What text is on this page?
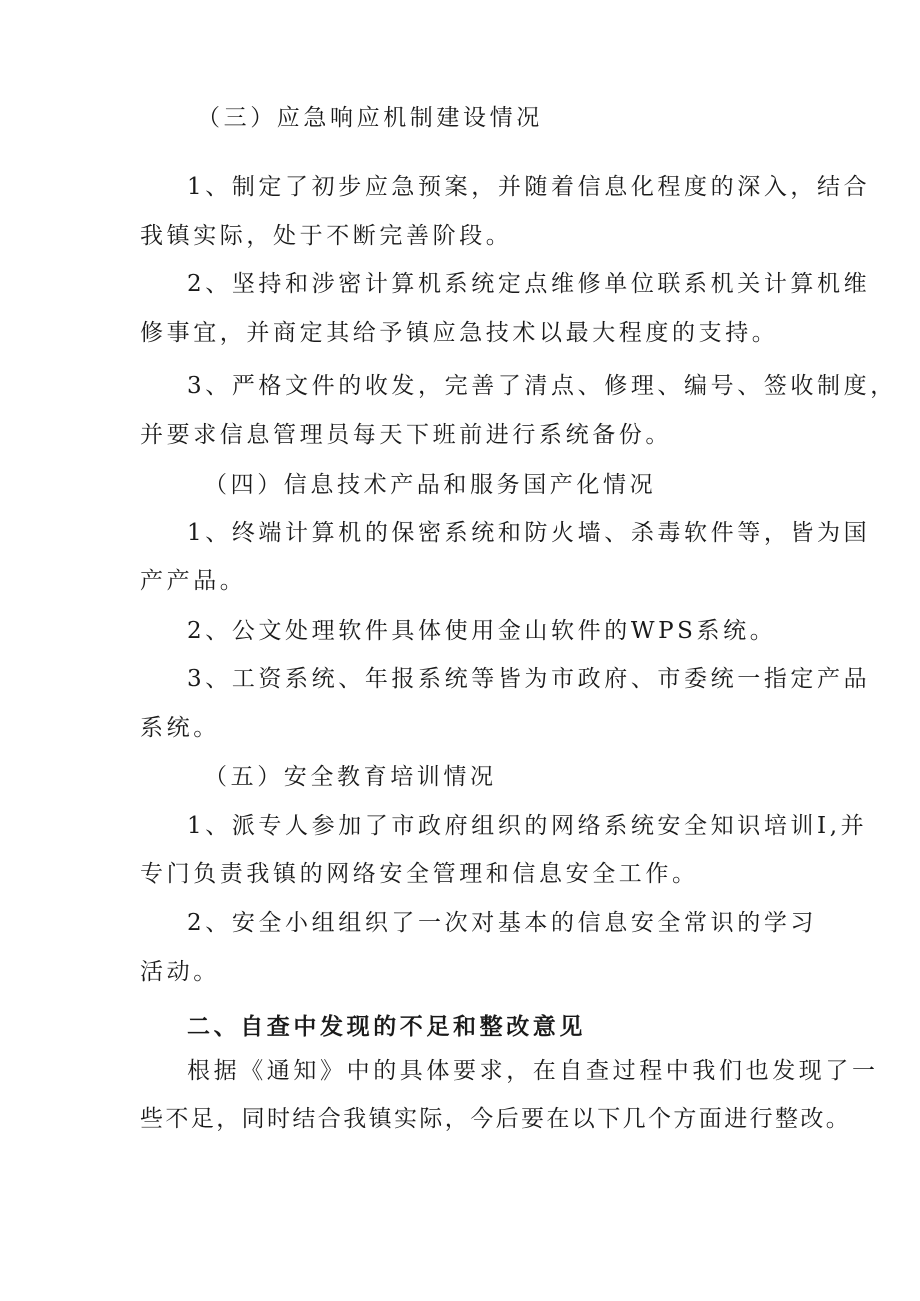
（三）应急响应机制建设情况
1、制定了初步应急预案，并随着信息化程度的深入，结合
我镇实际，处于不断完善阶段。
2、坚持和涉密计算机系统定点维修单位联系机关计算机维
修事宜，并商定其给予镇应急技术以最大程度的支持。
3、严格文件的收发，完善了清点、修理、编号、签收制度，
并要求信息管理员每天下班前进行系统备份。
（四）信息技术产品和服务国产化情况
1、终端计算机的保密系统和防火墙、杀毒软件等，皆为国
产产品。
2、公文处理软件具体使用金山软件的WPS系统。
3、工资系统、年报系统等皆为市政府、市委统一指定产品
系统。
（五）安全教育培训情况
1、派专人参加了市政府组织的网络系统安全知识培训I,并
专门负责我镇的网络安全管理和信息安全工作。
2、安全小组组织了一次对基本的信息安全常识的学习
活动。
二、自查中发现的不足和整改意见
根据《通知》中的具体要求，在自查过程中我们也发现了一
些不足，同时结合我镇实际，今后要在以下几个方面进行整改。
